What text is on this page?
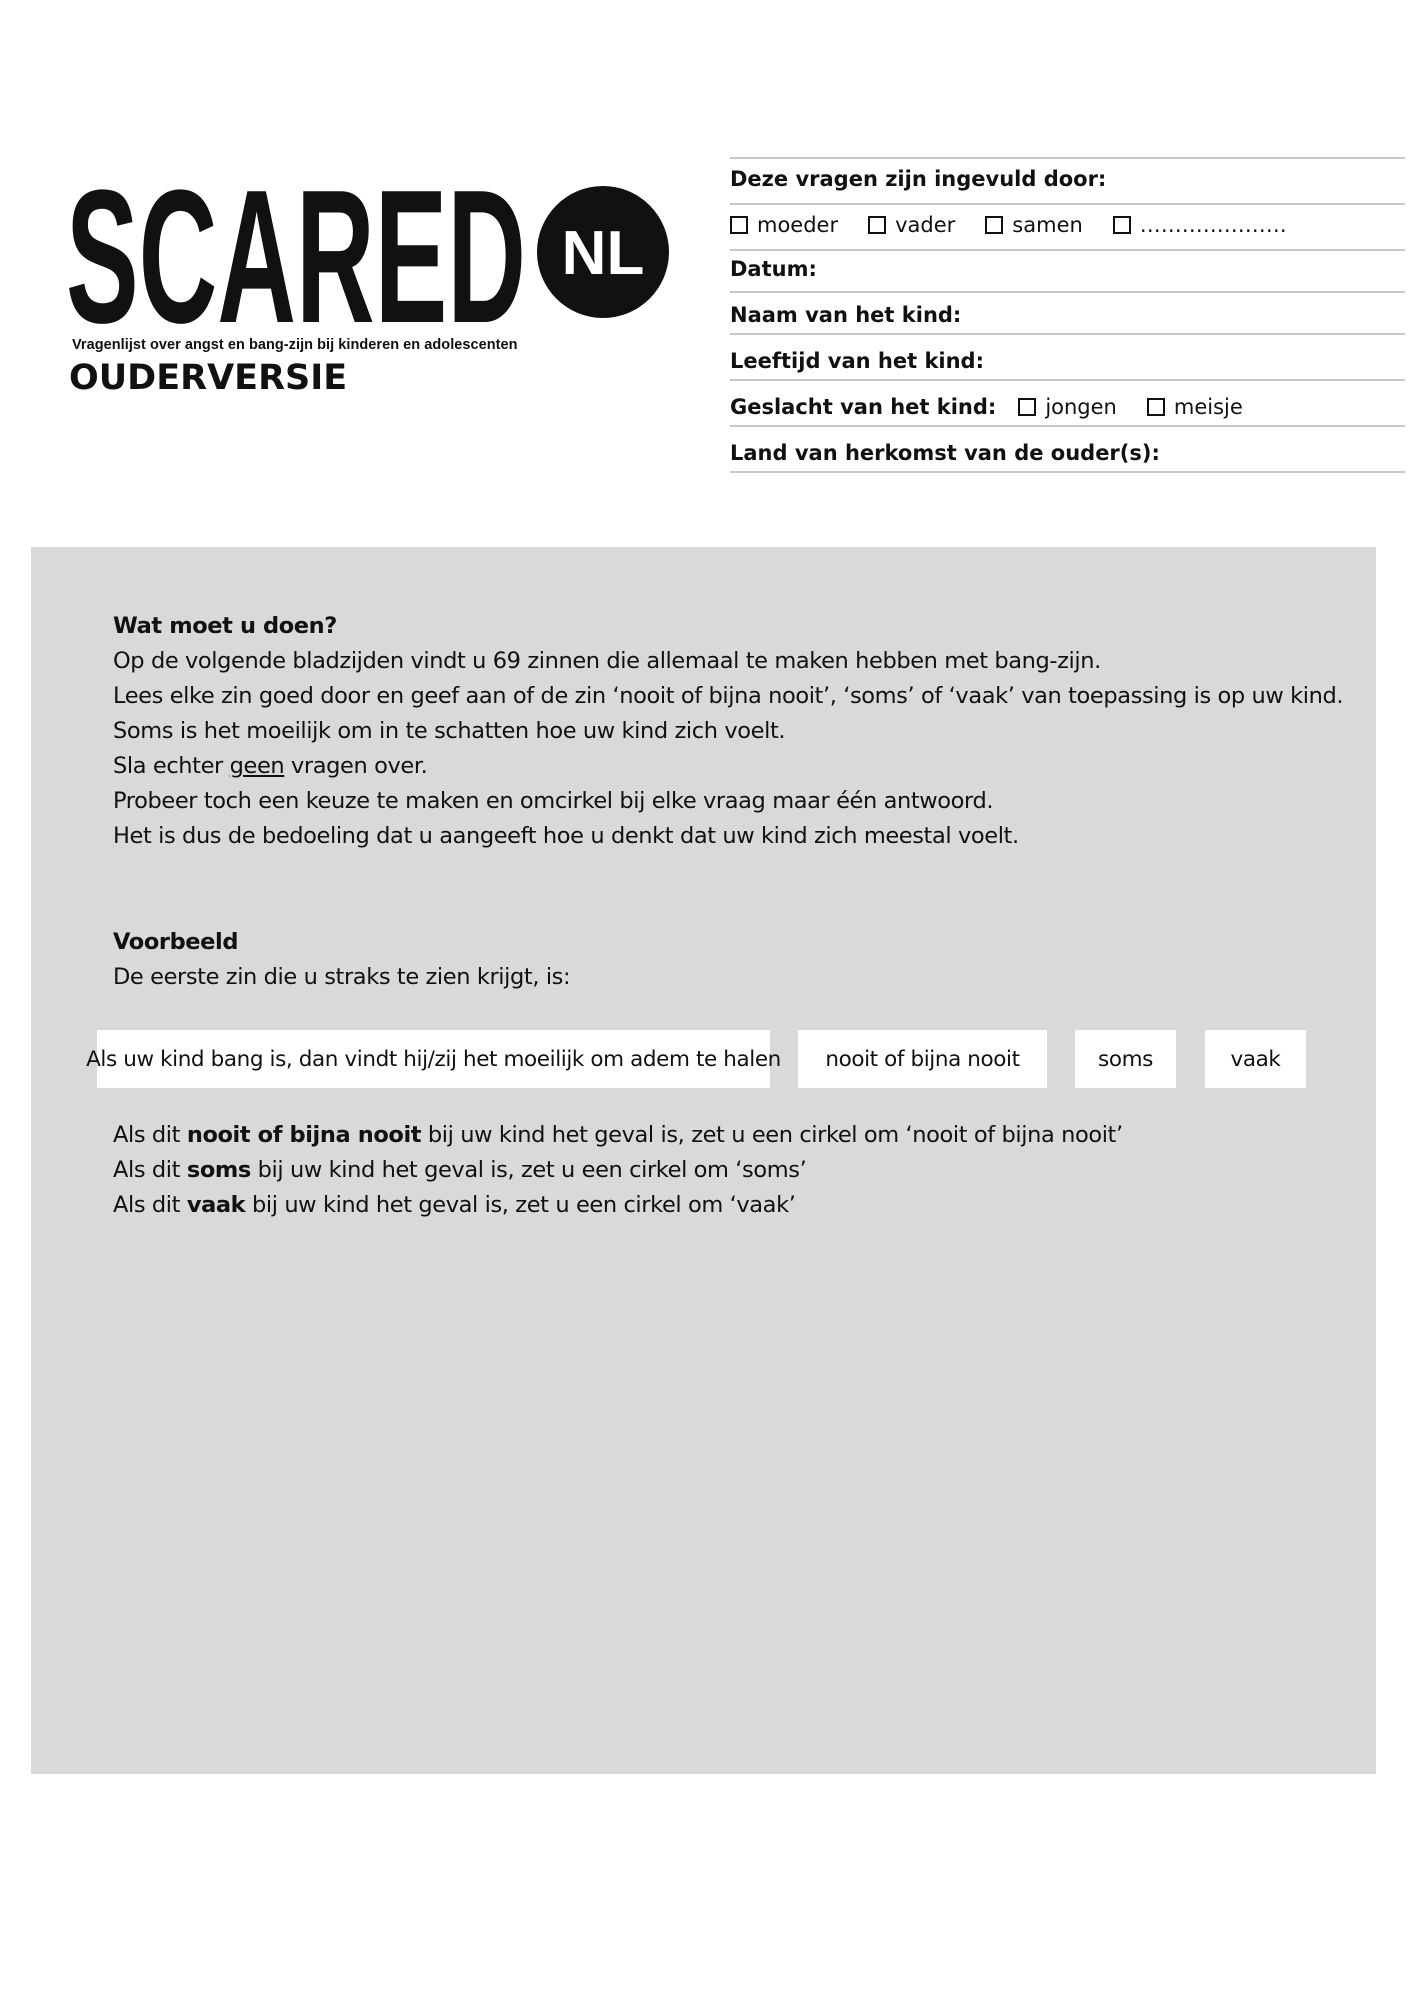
SCARED NL
Vragenlijst over angst en bang-zijn bij kinderen en adolescenten
OUDERVERSIE
Deze vragen zijn ingevuld door:
moeder	vader	samen	…………………
Datum:
Naam van het kind:
Leeftijd van het kind:
Geslacht van het kind: jongen	meisje
Land van herkomst van de ouder(s):
Wat moet u doen?
Op de volgende bladzijden vindt u 69 zinnen die allemaal te maken hebben met bang-zijn.
Lees elke zin goed door en geef aan of de zin ‘nooit of bijna nooit’, ‘soms’ of ‘vaak’ van toepassing is op uw kind.
Soms is het moeilijk om in te schatten hoe uw kind zich voelt.
Sla echter geen vragen over.
Probeer toch een keuze te maken en omcirkel bij elke vraag maar één antwoord.
Het is dus de bedoeling dat u aangeeft hoe u denkt dat uw kind zich meestal voelt.
Voorbeeld
De eerste zin die u straks te zien krijgt, is:
Als uw kind bang is, dan vindt hij/zij het moeilijk om adem te halen	nooit of bijna nooit	soms	vaak
Als dit nooit of bijna nooit bij uw kind het geval is, zet u een cirkel om ‘nooit of bijna nooit’
Als dit soms bij uw kind het geval is, zet u een cirkel om ‘soms’
Als dit vaak bij uw kind het geval is, zet u een cirkel om ‘vaak’
